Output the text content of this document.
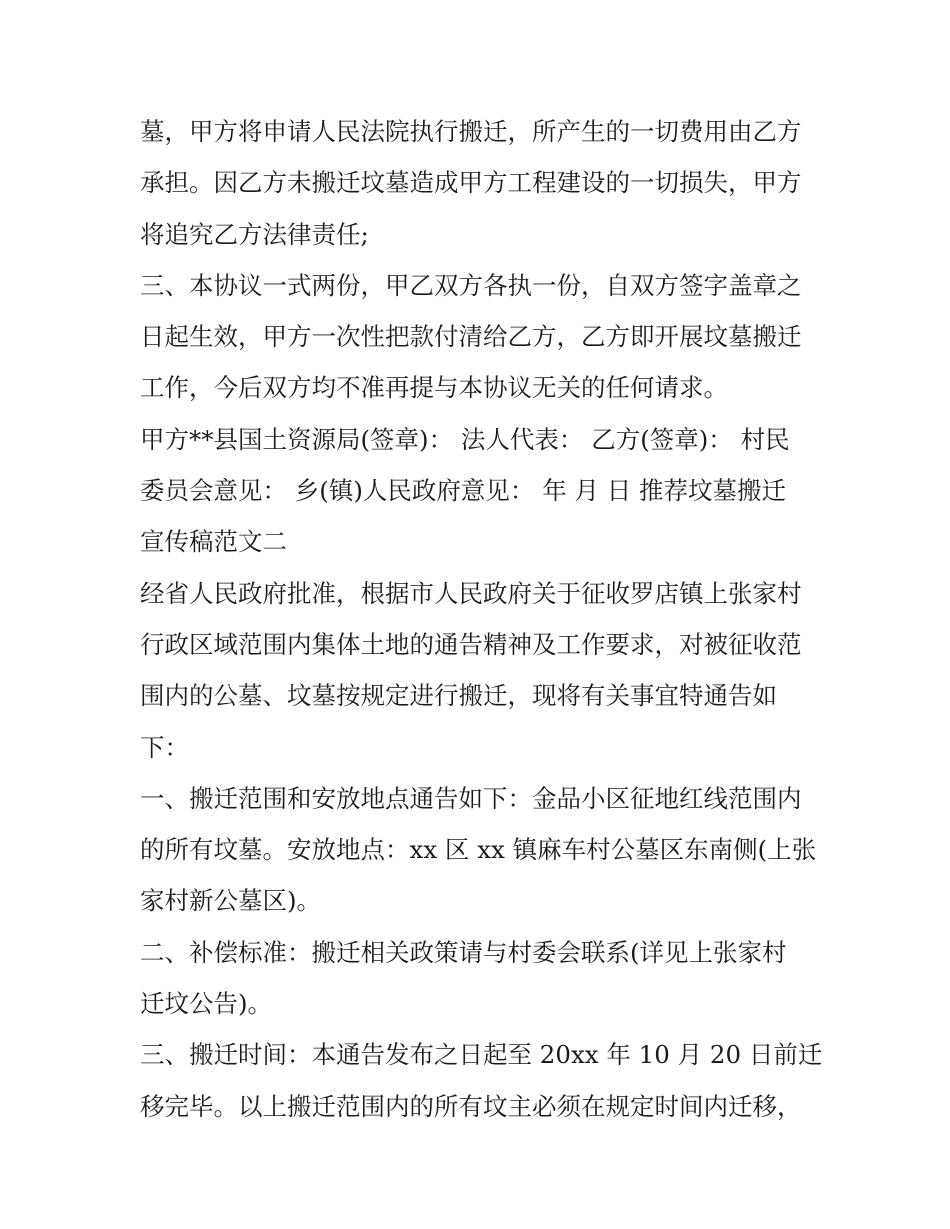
墓，甲方将申请人民法院执行搬迁，所产生的一切费用由乙方
承担。因乙方未搬迁坟墓造成甲方工程建设的一切损失，甲方
将追究乙方法律责任;
三、本协议一式两份，甲乙双方各执一份，自双方签字盖章之
日起生效，甲方一次性把款付清给乙方，乙方即开展坟墓搬迁
工作，今后双方均不准再提与本协议无关的任何请求。
甲方**县国土资源局(签章)： 法人代表： 乙方(签章)： 村民
委员会意见： 乡(镇)人民政府意见： 年 月 日 推荐坟墓搬迁
宣传稿范文二
经省人民政府批准，根据市人民政府关于征收罗店镇上张家村
行政区域范围内集体土地的通告精神及工作要求，对被征收范
围内的公墓、坟墓按规定进行搬迁，现将有关事宜特通告如
下：
一、搬迁范围和安放地点通告如下：金品小区征地红线范围内
的所有坟墓。安放地点：xx 区 xx 镇麻车村公墓区东南侧(上张
家村新公墓区)。
二、补偿标准：搬迁相关政策请与村委会联系(详见上张家村
迁坟公告)。
三、搬迁时间：本通告发布之日起至 20xx 年 10 月 20 日前迁
移完毕。以上搬迁范围内的所有坟主必须在规定时间内迁移，
